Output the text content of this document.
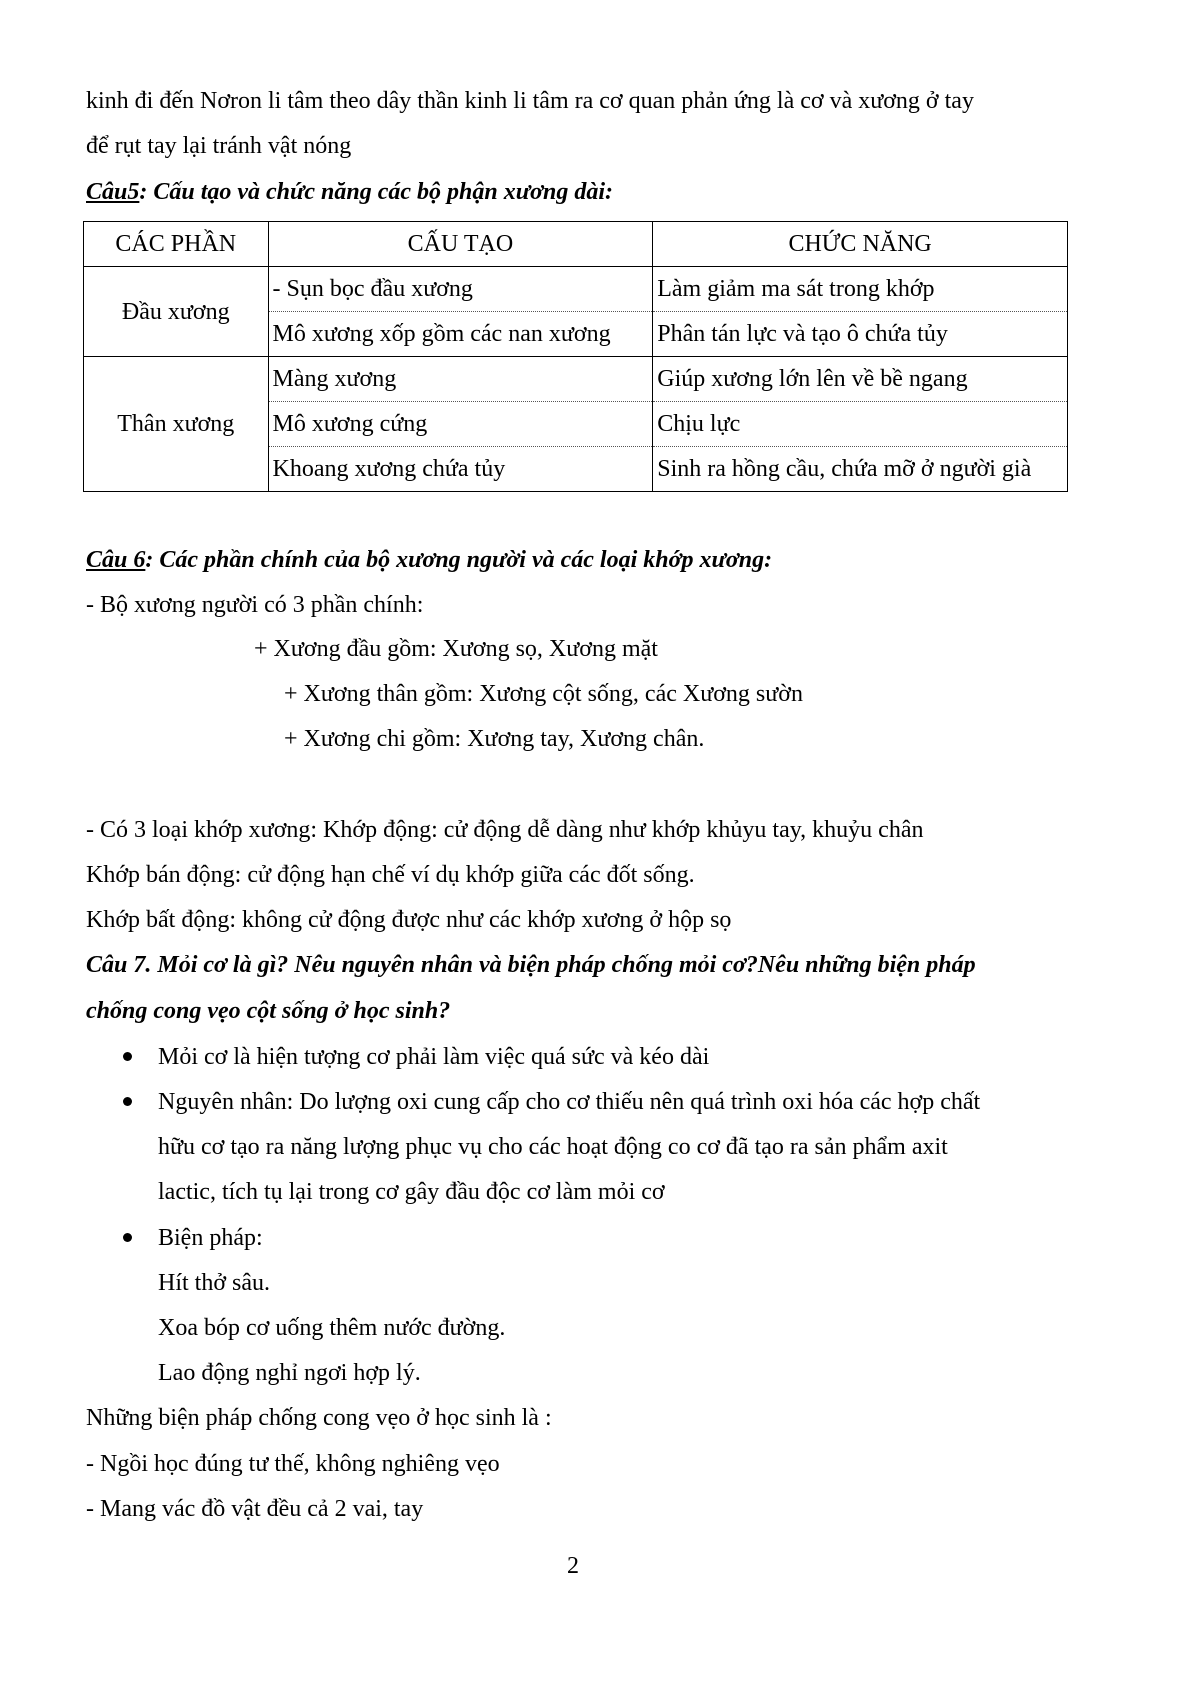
kinh đi đến Nơron li tâm theo dây thần kinh li tâm ra cơ quan phản ứng là cơ và xương ở tay
để rụt tay lại tránh vật nóng
Câu5: Cấu tạo và chức năng các bộ phận xương dài:
CÁC PHẦN	CẤU TẠO	CHỨC NĂNG
Đầu xương	- Sụn bọc đầu xương	Làm giảm ma sát trong khớp
	Mô xương xốp gồm các nan xương	Phân tán lực và tạo ô chứa tủy
Thân xương	Màng xương	Giúp xương lớn lên về bề ngang
	Mô xương cứng	Chịu lực
	Khoang xương chứa tủy	Sinh ra hồng cầu, chứa mỡ ở người già
Câu 6: Các phần chính của bộ xương người và các loại khớp xương:
- Bộ xương người có 3 phần chính:
+ Xương đầu gồm: Xương sọ, Xương mặt
+ Xương thân gồm: Xương cột sống, các Xương sườn
+ Xương chi gồm: Xương tay, Xương chân.
- Có 3 loại khớp xương: Khớp động: cử động dễ dàng như khớp khủyu tay, khuỷu chân
Khớp bán động: cử động hạn chế ví dụ khớp giữa các đốt sống.
Khớp bất động: không cử động được như các khớp xương ở hộp sọ
Câu 7. Mỏi cơ là gì? Nêu nguyên nhân và biện pháp chống mỏi cơ?Nêu những biện pháp
chống cong vẹo cột sống ở học sinh?
Mỏi cơ là hiện tượng cơ phải làm việc quá sức và kéo dài
Nguyên nhân: Do lượng oxi cung cấp cho cơ thiếu nên quá trình oxi hóa các hợp chất
hữu cơ tạo ra năng lượng phục vụ cho các hoạt động co cơ đã tạo ra sản phẩm axit
lactic, tích tụ lại trong cơ gây đầu độc cơ làm mỏi cơ
Biện pháp:
Hít thở sâu.
Xoa bóp cơ uống thêm nước đường.
Lao động nghỉ ngơi hợp lý.
Những biện pháp chống cong vẹo ở học sinh là :
- Ngồi học đúng tư thế, không nghiêng vẹo
- Mang vác đồ vật đều cả 2 vai, tay
2
